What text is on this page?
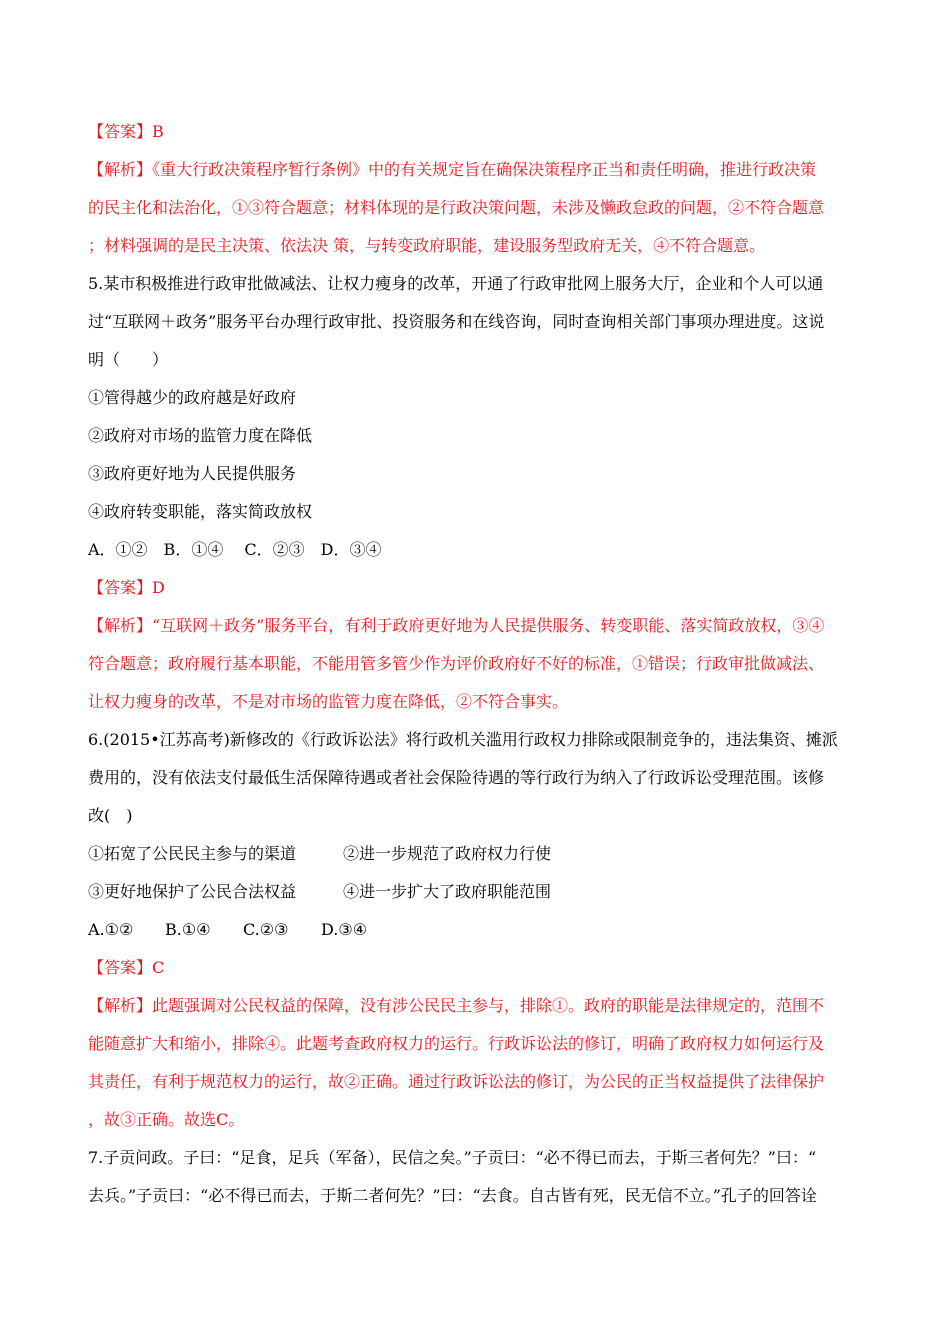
【答案】B
【解析】《重大行政决策程序暂行条例》中的有关规定旨在确保决策程序正当和责任明确，推进行政决策
的民主化和法治化，①③符合题意；材料体现的是行政决策问题，未涉及懒政怠政的问题，②不符合题意
；材料强调的是民主决策、依法决 策，与转变政府职能，建设服务型政府无关，④不符合题意。
5.某市积极推进行政审批做减法、让权力瘦身的改革，开通了行政审批网上服务大厅，企业和个人可以通
过“互联网＋政务”服务平台办理行政审批、投资服务和在线咨询，同时查询相关部门事项办理进度。这说
明（　　）
①管得越少的政府越是好政府
②政府对市场的监管力度在降低
③政府更好地为人民提供服务
④政府转变职能，落实简政放权
A．①②　B．①④　 C．②③　D．③④
【答案】D
【解析】“互联网＋政务”服务平台，有利于政府更好地为人民提供服务、转变职能、落实简政放权，③④
符合题意；政府履行基本职能，不能用管多管少作为评价政府好不好的标准，①错误；行政审批做减法、
让权力瘦身的改革，不是对市场的监管力度在降低，②不符合事实。
6.(2015•江苏高考)新修改的《行政诉讼法》将行政机关滥用行政权力排除或限制竞争的，违法集资、摊派
费用的，没有依法支付最低生活保障待遇或者社会保险待遇的等行政行为纳入了行政诉讼受理范围。该修
改(　)
①拓宽了公民民主参与的渠道	②进一步规范了政府权力行使
③更好地保护了公民合法权益	④进一步扩大了政府职能范围
A.①② B.①④ C.②③ D.③④
【答案】C
【解析】此题强调对公民权益的保障，没有涉公民民主参与，排除①。政府的职能是法律规定的，范围不
能随意扩大和缩小，排除④。此题考查政府权力的运行。行政诉讼法的修订，明确了政府权力如何运行及
其责任，有利于规范权力的运行，故②正确。通过行政诉讼法的修订，为公民的正当权益提供了法律保护
，故③正确。故选C。
7.子贡问政。子曰：“足食，足兵（军备），民信之矣。”子贡曰：“必不得已而去，于斯三者何先？”曰：“
去兵。”子贡曰：“必不得已而去，于斯二者何先？”曰：“去食。自古皆有死，民无信不立。”孔子的回答诠
